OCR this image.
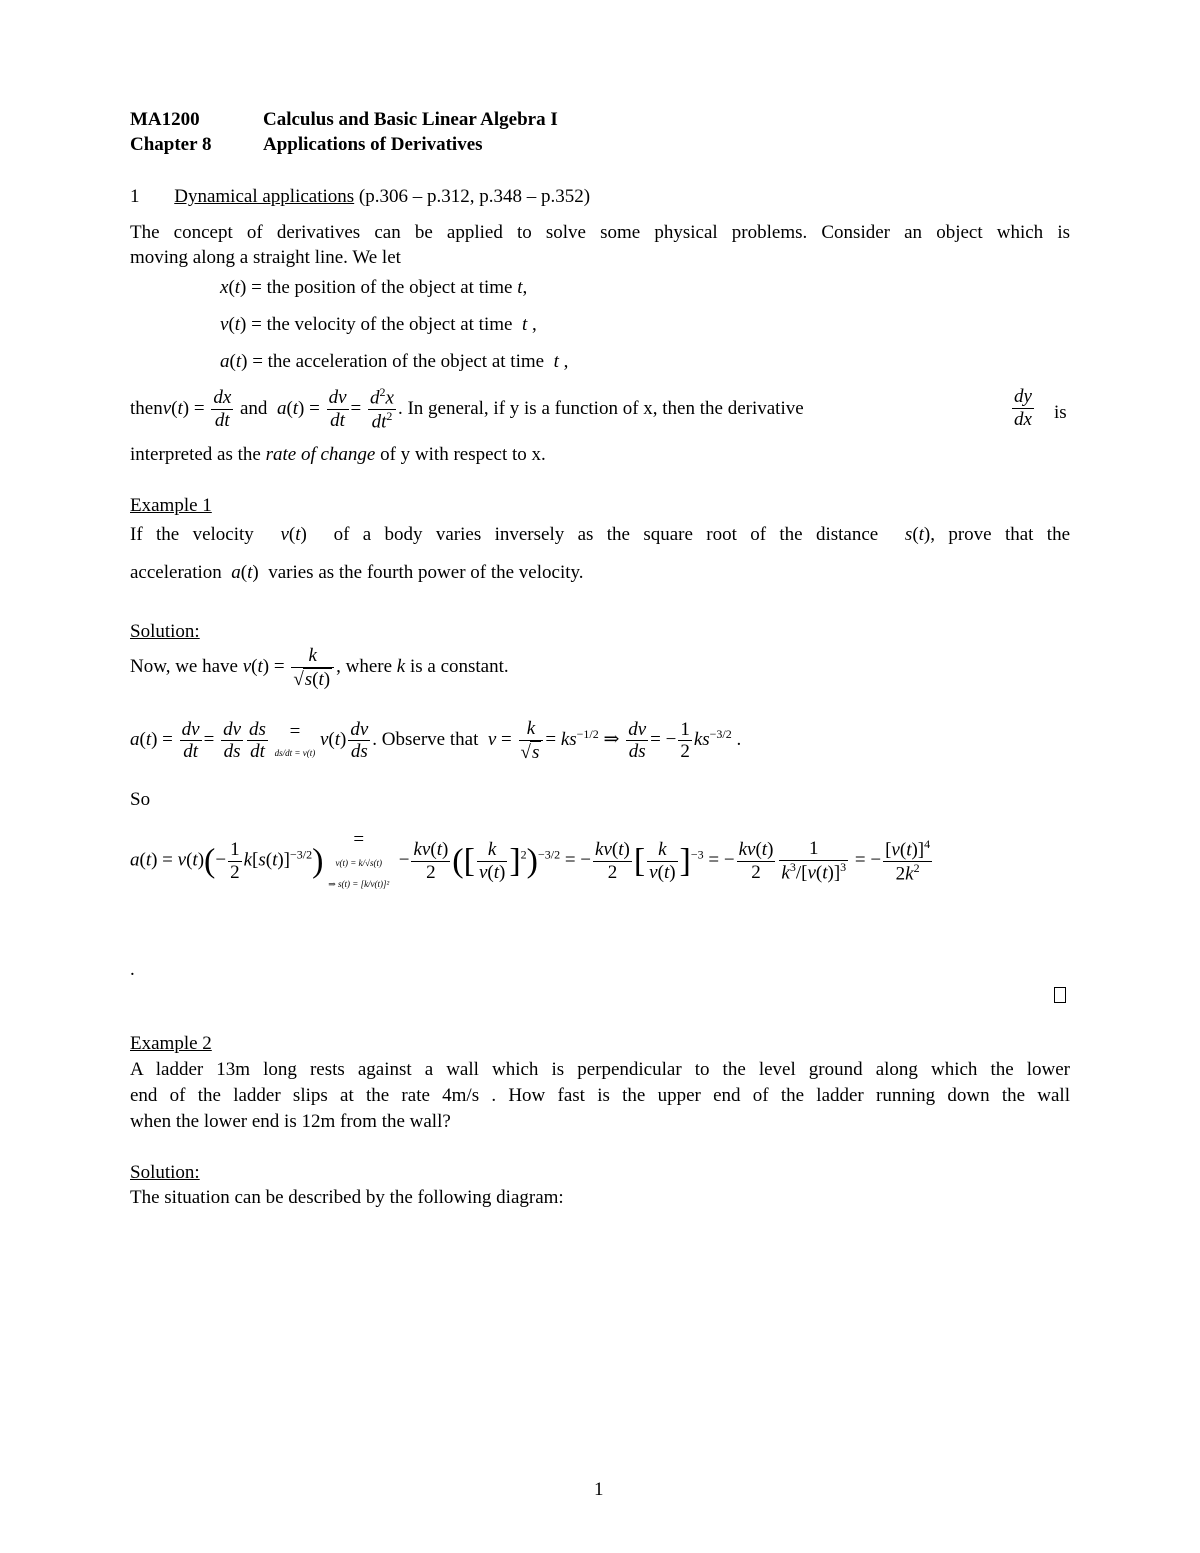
MA1200	Calculus and Basic Linear Algebra I
Chapter 8	Applications of Derivatives
1 Dynamical applications (p.306 – p.312, p.348 – p.352)
The concept of derivatives can be applied to solve some physical problems. Consider an object which is
moving along a straight line. We let
x(t) = the position of the object at time t,
v(t) = the velocity of the object at time t ,
a(t) = the acceleration of the object at time t ,
thenv(t) = $\frac{dx}{dt}$ and $a(t) = \frac{dv}{dt} = \frac{d^2x}{dt^2}$ . In general, if y is a function of x, then the derivative	$\frac{dy}{dx}$ is
interpreted as the rate of change of y with respect to x.
Example 1
If the velocity v(t)  of a body varies inversely as the square root of the distance s(t), prove that the
acceleration a(t)  varies as the fourth power of the velocity.
Solution:
Now, we have $v(t) = \frac{k}{√s(t)}$ , where k is a constant.
$a(t) = \frac{dv}{dt} = \frac{dv}{ds} \frac{ds}{dt}$ =
ds/dt = v(t) $v(t) \frac{dv}{ds}$ . Observe that $v = \frac{k}{√s} = ks^{-1/2}$ ⇒ $\frac{dv}{ds}$ = − $\frac{1}{2} ks^{-3/2}$ .
So
$a(t) = v(t)(- \frac{1}{2} k[s(t)]^{-3/2})$ =
v(t) = k/√s(t)
⇒ $s(t) = [k/v(t)]^2 - \frac{kv(t)}{2}$ ([ $\frac{k}{v(t)} ]^2)^{-3/2}$ = − $\frac{kv(t)}{2}$ [ $\frac{k}{v(t)} ]^{-3}$ = − $\frac{kv(t)}{2} \frac{1}{k^3/[v(t)]^3}$ = − $\frac{[v(t)]^4}{2k^2}$
.
Example 2
A ladder 13m long rests against a wall which is perpendicular to the level ground along which the lower
end of the ladder slips at the rate 4m/s . How fast is the upper end of the ladder running down the wall
when the lower end is 12m from the wall?
Solution:
The situation can be described by the following diagram:
1
